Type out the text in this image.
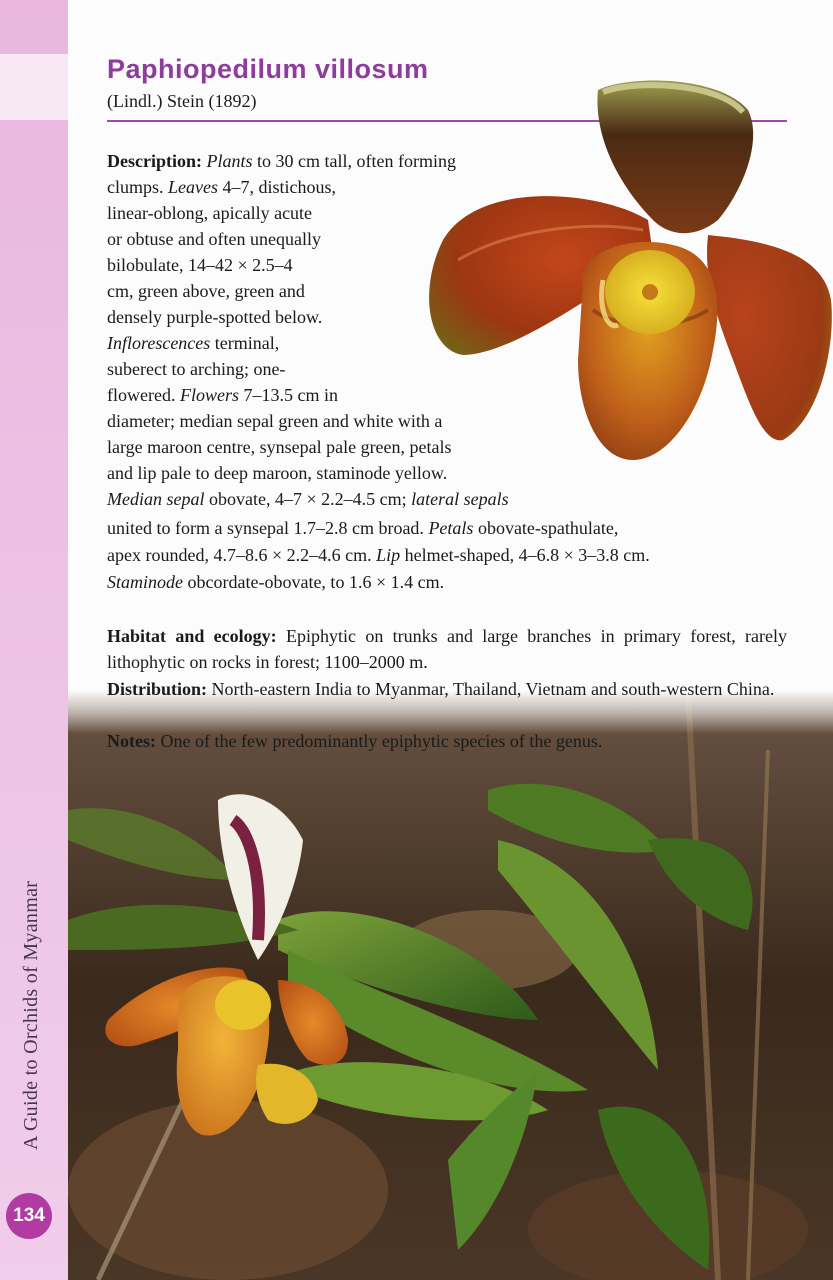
A Guide to Orchids of Myanmar
134
Paphiopedilum villosum
(Lindl.) Stein (1892)
Description: Plants to 30 cm tall, often forming
clumps. Leaves 4–7, distichous,
linear-oblong, apically acute
or obtuse and often unequally
bilobulate, 14–42 × 2.5–4
cm, green above, green and
densely purple-spotted below.
Inflorescences terminal,
suberect to arching; one-
flowered. Flowers 7–13.5 cm in
diameter; median sepal green and white with a
large maroon centre, synsepal pale green, petals
and lip pale to deep maroon, staminode yellow.
Median sepal obovate, 4–7 × 2.2–4.5 cm; lateral sepals
united to form a synsepal 1.7–2.8 cm broad. Petals obovate-spathulate,
apex rounded, 4.7–8.6 × 2.2–4.6 cm. Lip helmet-shaped, 4–6.8 × 3–3.8 cm.
Staminode obcordate-obovate, to 1.6 × 1.4 cm.
Habitat and ecology: Epiphytic on trunks and large branches in primary forest, rarely lithophytic on rocks in forest; 1100–2000 m.
Distribution: North-eastern India to Myanmar, Thailand, Vietnam and south-western China.
Notes: One of the few predominantly epiphytic species of the genus.
